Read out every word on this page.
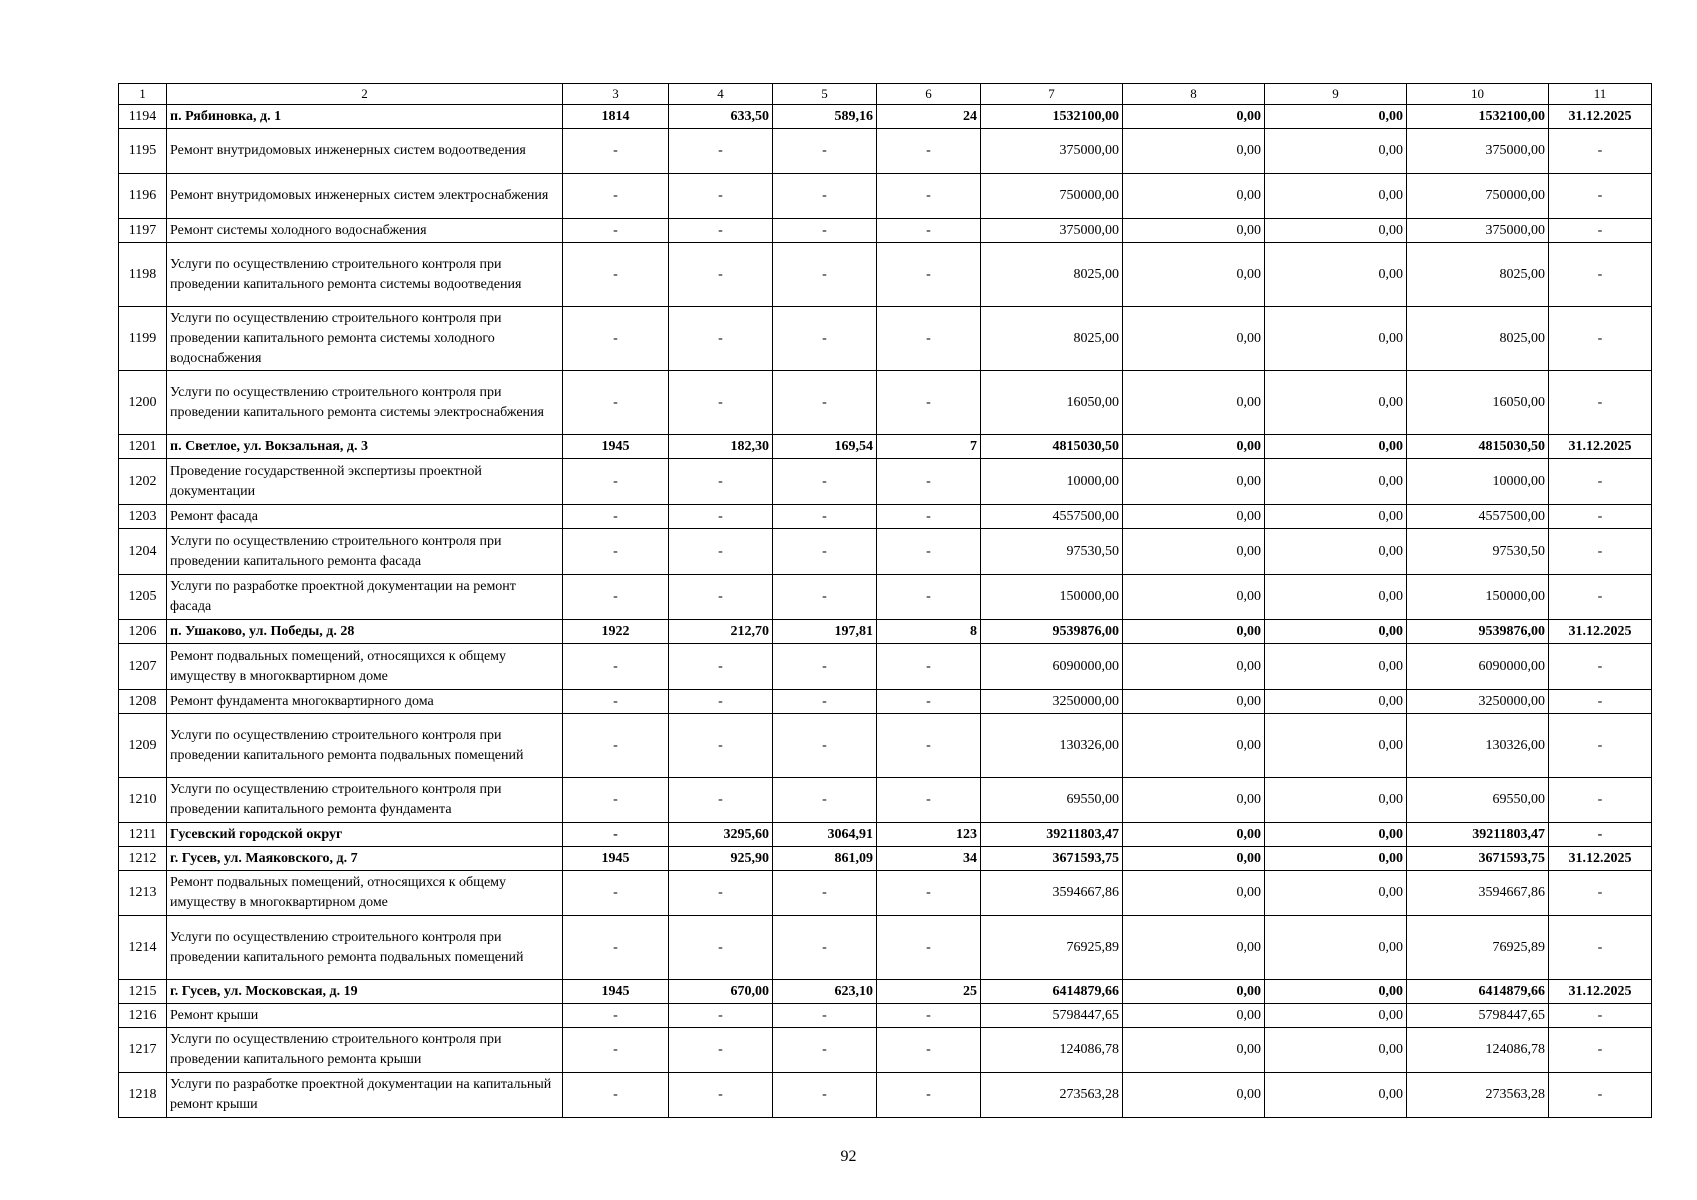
1	2	3	4	5	6	7	8	9	10	11
1194	п. Рябиновка, д. 1	1814	633,50	589,16	24	1532100,00	0,00	0,00	1532100,00	31.12.2025
1195	Ремонт внутридомовых инженерных систем водоотведения	-	-	-	-	375000,00	0,00	0,00	375000,00	-
1196	Ремонт внутридомовых инженерных систем электроснабжения	-	-	-	-	750000,00	0,00	0,00	750000,00	-
1197	Ремонт системы холодного водоснабжения	-	-	-	-	375000,00	0,00	0,00	375000,00	-
1198	Услуги по осуществлению строительного контроля при проведении капитального ремонта системы водоотведения	-	-	-	-	8025,00	0,00	0,00	8025,00	-
1199	Услуги по осуществлению строительного контроля при проведении капитального ремонта системы холодного водоснабжения	-	-	-	-	8025,00	0,00	0,00	8025,00	-
1200	Услуги по осуществлению строительного контроля при проведении капитального ремонта системы электроснабжения	-	-	-	-	16050,00	0,00	0,00	16050,00	-
1201	п. Светлое, ул. Вокзальная, д. 3	1945	182,30	169,54	7	4815030,50	0,00	0,00	4815030,50	31.12.2025
1202	Проведение государственной экспертизы проектной документации	-	-	-	-	10000,00	0,00	0,00	10000,00	-
1203	Ремонт фасада	-	-	-	-	4557500,00	0,00	0,00	4557500,00	-
1204	Услуги по осуществлению строительного контроля при проведении капитального ремонта фасада	-	-	-	-	97530,50	0,00	0,00	97530,50	-
1205	Услуги по разработке проектной документации на ремонт фасада	-	-	-	-	150000,00	0,00	0,00	150000,00	-
1206	п. Ушаково, ул. Победы, д. 28	1922	212,70	197,81	8	9539876,00	0,00	0,00	9539876,00	31.12.2025
1207	Ремонт подвальных помещений, относящихся к общему имуществу в многоквартирном доме	-	-	-	-	6090000,00	0,00	0,00	6090000,00	-
1208	Ремонт фундамента многоквартирного дома	-	-	-	-	3250000,00	0,00	0,00	3250000,00	-
1209	Услуги по осуществлению строительного контроля при проведении капитального ремонта подвальных помещений	-	-	-	-	130326,00	0,00	0,00	130326,00	-
1210	Услуги по осуществлению строительного контроля при проведении капитального ремонта фундамента	-	-	-	-	69550,00	0,00	0,00	69550,00	-
1211	Гусевский городской округ	-	3295,60	3064,91	123	39211803,47	0,00	0,00	39211803,47	-
1212	г. Гусев, ул. Маяковского, д. 7	1945	925,90	861,09	34	3671593,75	0,00	0,00	3671593,75	31.12.2025
1213	Ремонт подвальных помещений, относящихся к общему имуществу в многоквартирном доме	-	-	-	-	3594667,86	0,00	0,00	3594667,86	-
1214	Услуги по осуществлению строительного контроля при проведении капитального ремонта подвальных помещений	-	-	-	-	76925,89	0,00	0,00	76925,89	-
1215	г. Гусев, ул. Московская, д. 19	1945	670,00	623,10	25	6414879,66	0,00	0,00	6414879,66	31.12.2025
1216	Ремонт крыши	-	-	-	-	5798447,65	0,00	0,00	5798447,65	-
1217	Услуги по осуществлению строительного контроля при проведении капитального ремонта крыши	-	-	-	-	124086,78	0,00	0,00	124086,78	-
1218	Услуги по разработке проектной документации на капитальный ремонт крыши	-	-	-	-	273563,28	0,00	0,00	273563,28	-
92
